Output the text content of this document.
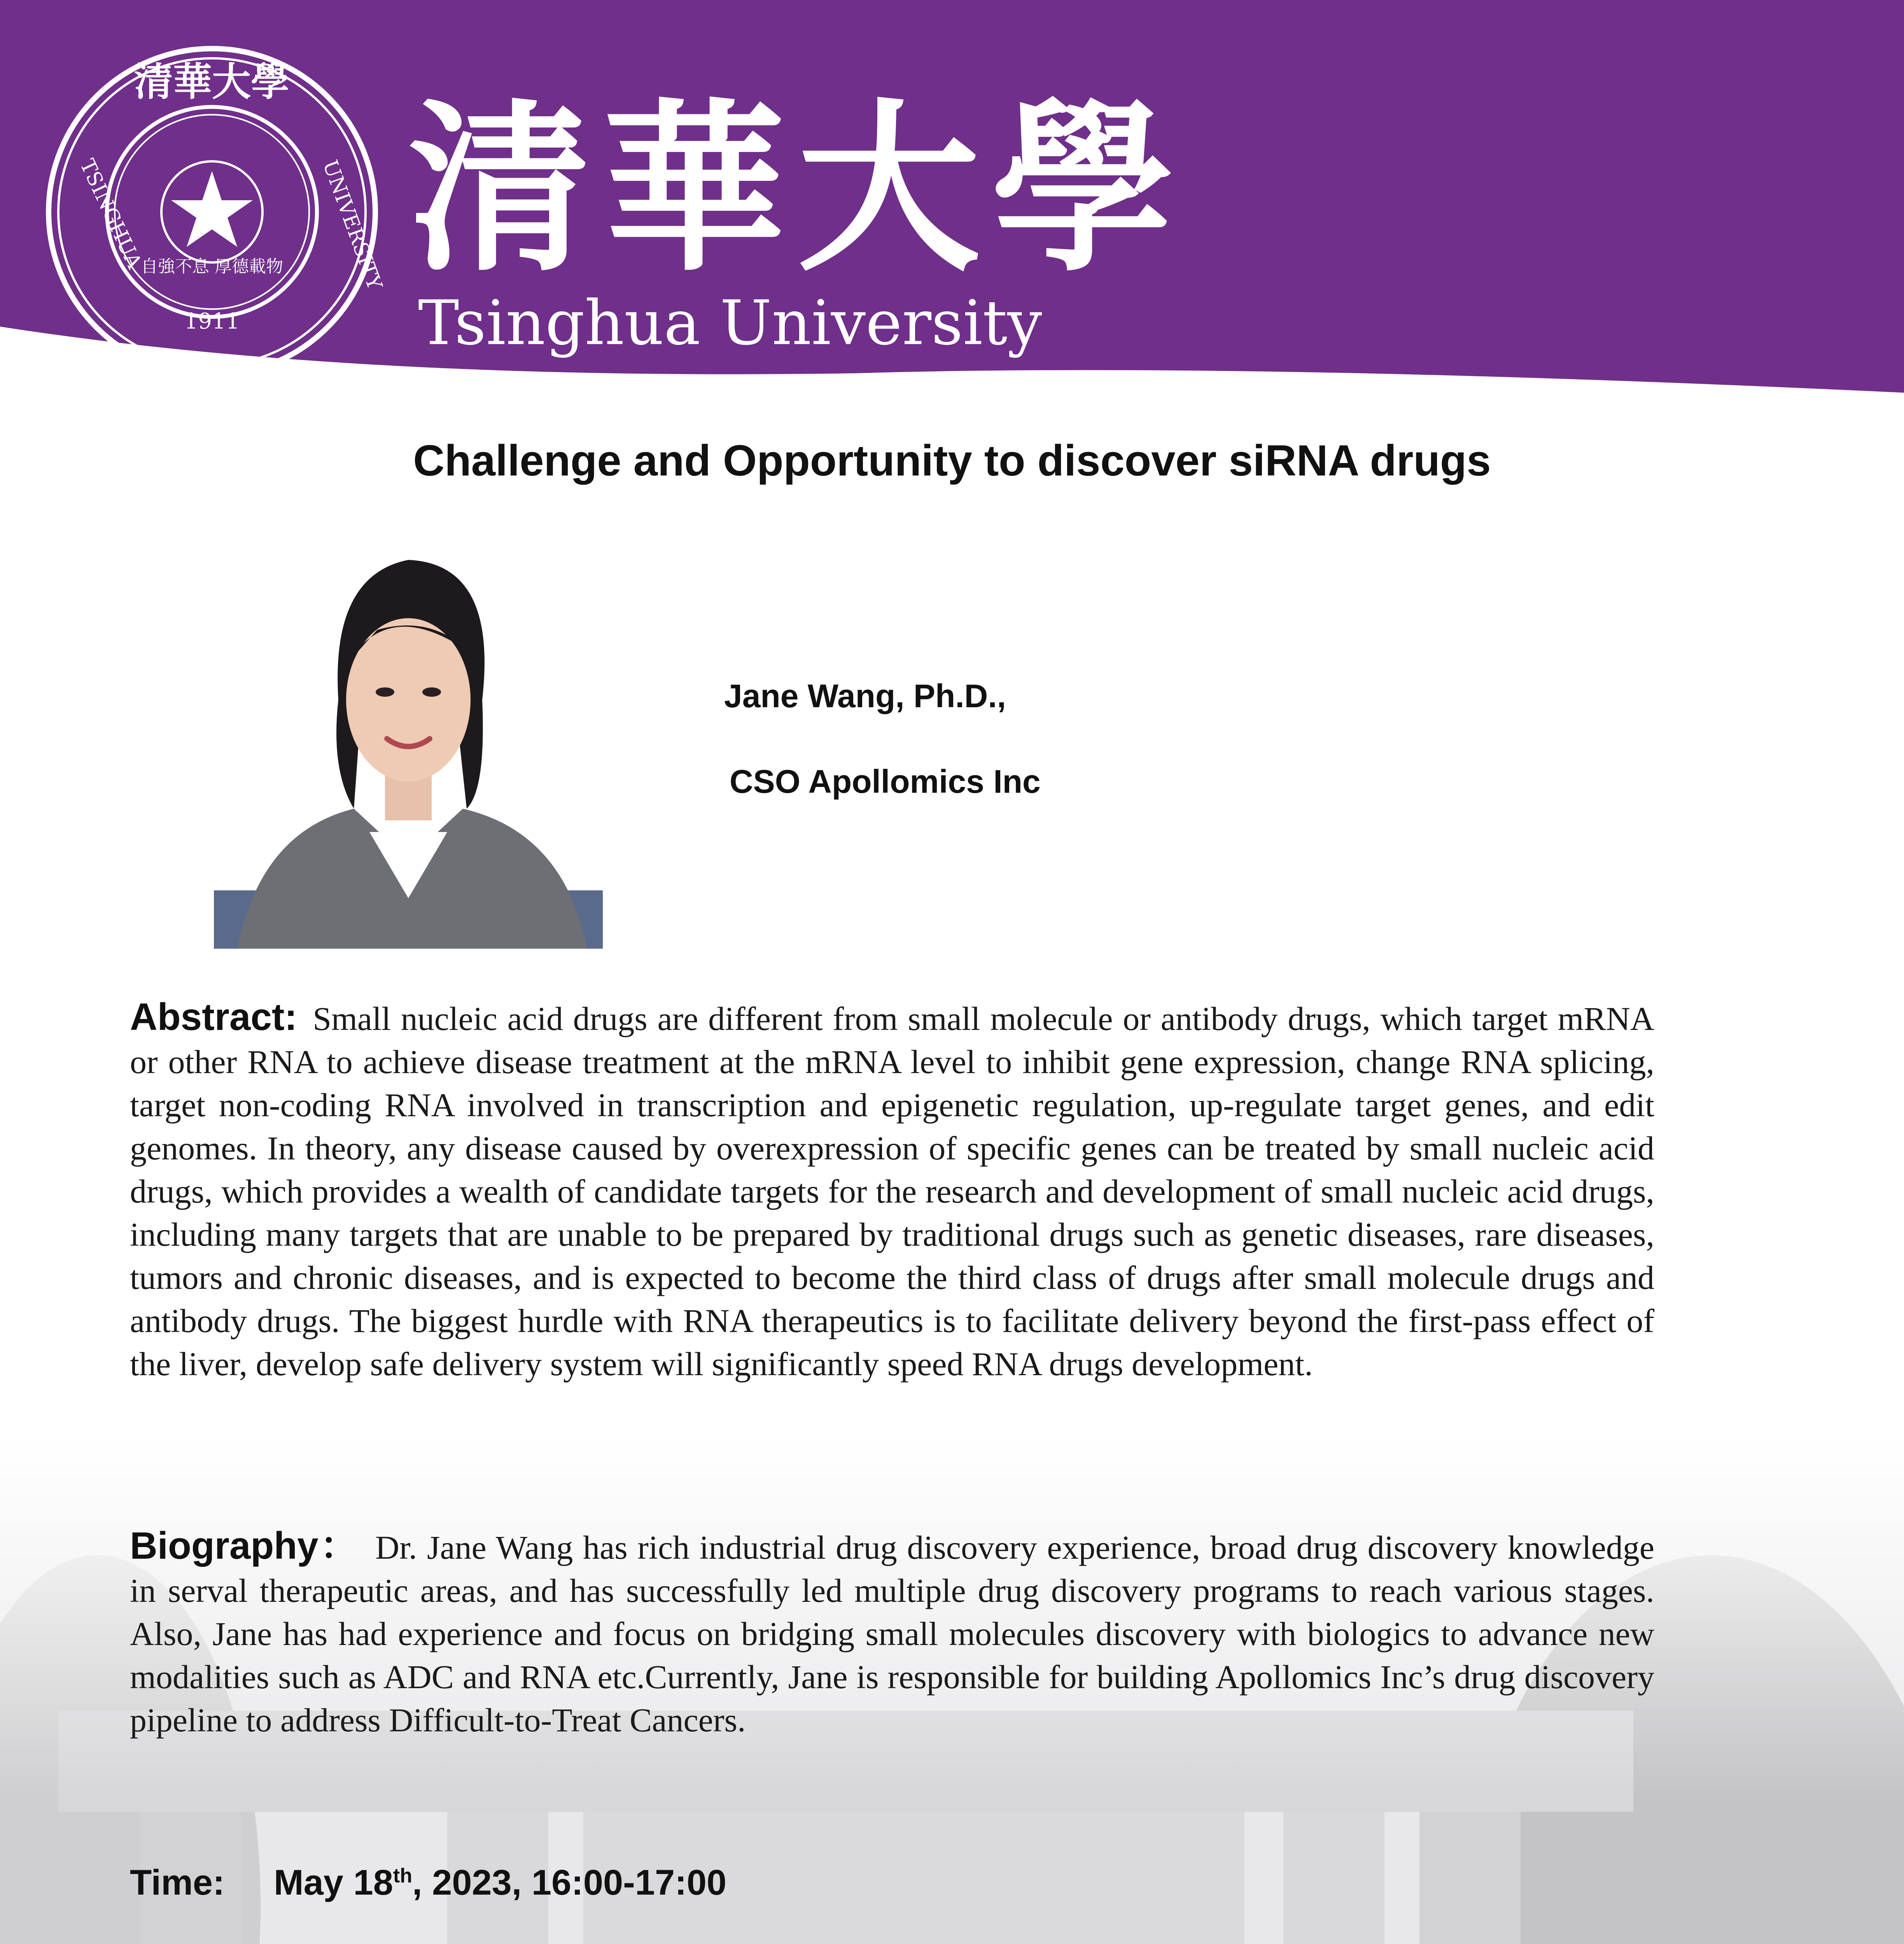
清華大學
TSINGHUA	UNIVERSITY
1911
自強不息 厚德載物 清華大學
Tsinghua University
Challenge and Opportunity to discover siRNA drugs
Jane Wang, Ph.D.,
CSO Apollomics Inc
Abstract: Small nucleic acid drugs are different from small molecule or antibody drugs, which target mRNA or other RNA to achieve disease treatment at the mRNA level to inhibit gene expression, change RNA splicing, target non-coding RNA involved in transcription and epigenetic regulation, up-regulate target genes, and edit genomes. In theory, any disease caused by overexpression of specific genes can be treated by small nucleic acid drugs, which provides a wealth of candidate targets for the research and development of small nucleic acid drugs, including many targets that are unable to be prepared by traditional drugs such as genetic diseases, rare diseases, tumors and chronic diseases, and is expected to become the third class of drugs after small molecule drugs and antibody drugs. The biggest hurdle with RNA therapeutics is to facilitate delivery beyond the first-pass effect of the liver, develop safe delivery system will significantly speed RNA drugs development.
Biography： Dr. Jane Wang has rich industrial drug discovery experience, broad drug discovery knowledge in serval therapeutic areas, and has successfully led multiple drug discovery programs to reach various stages. Also, Jane has had experience and focus on bridging small molecules discovery with biologics to advance new modalities such as ADC and RNA etc.Currently, Jane is responsible for building Apollomics Inc’s drug discovery pipeline to address Difficult-to-Treat Cancers.
Time: May 18th, 2023, 16:00-17:00
